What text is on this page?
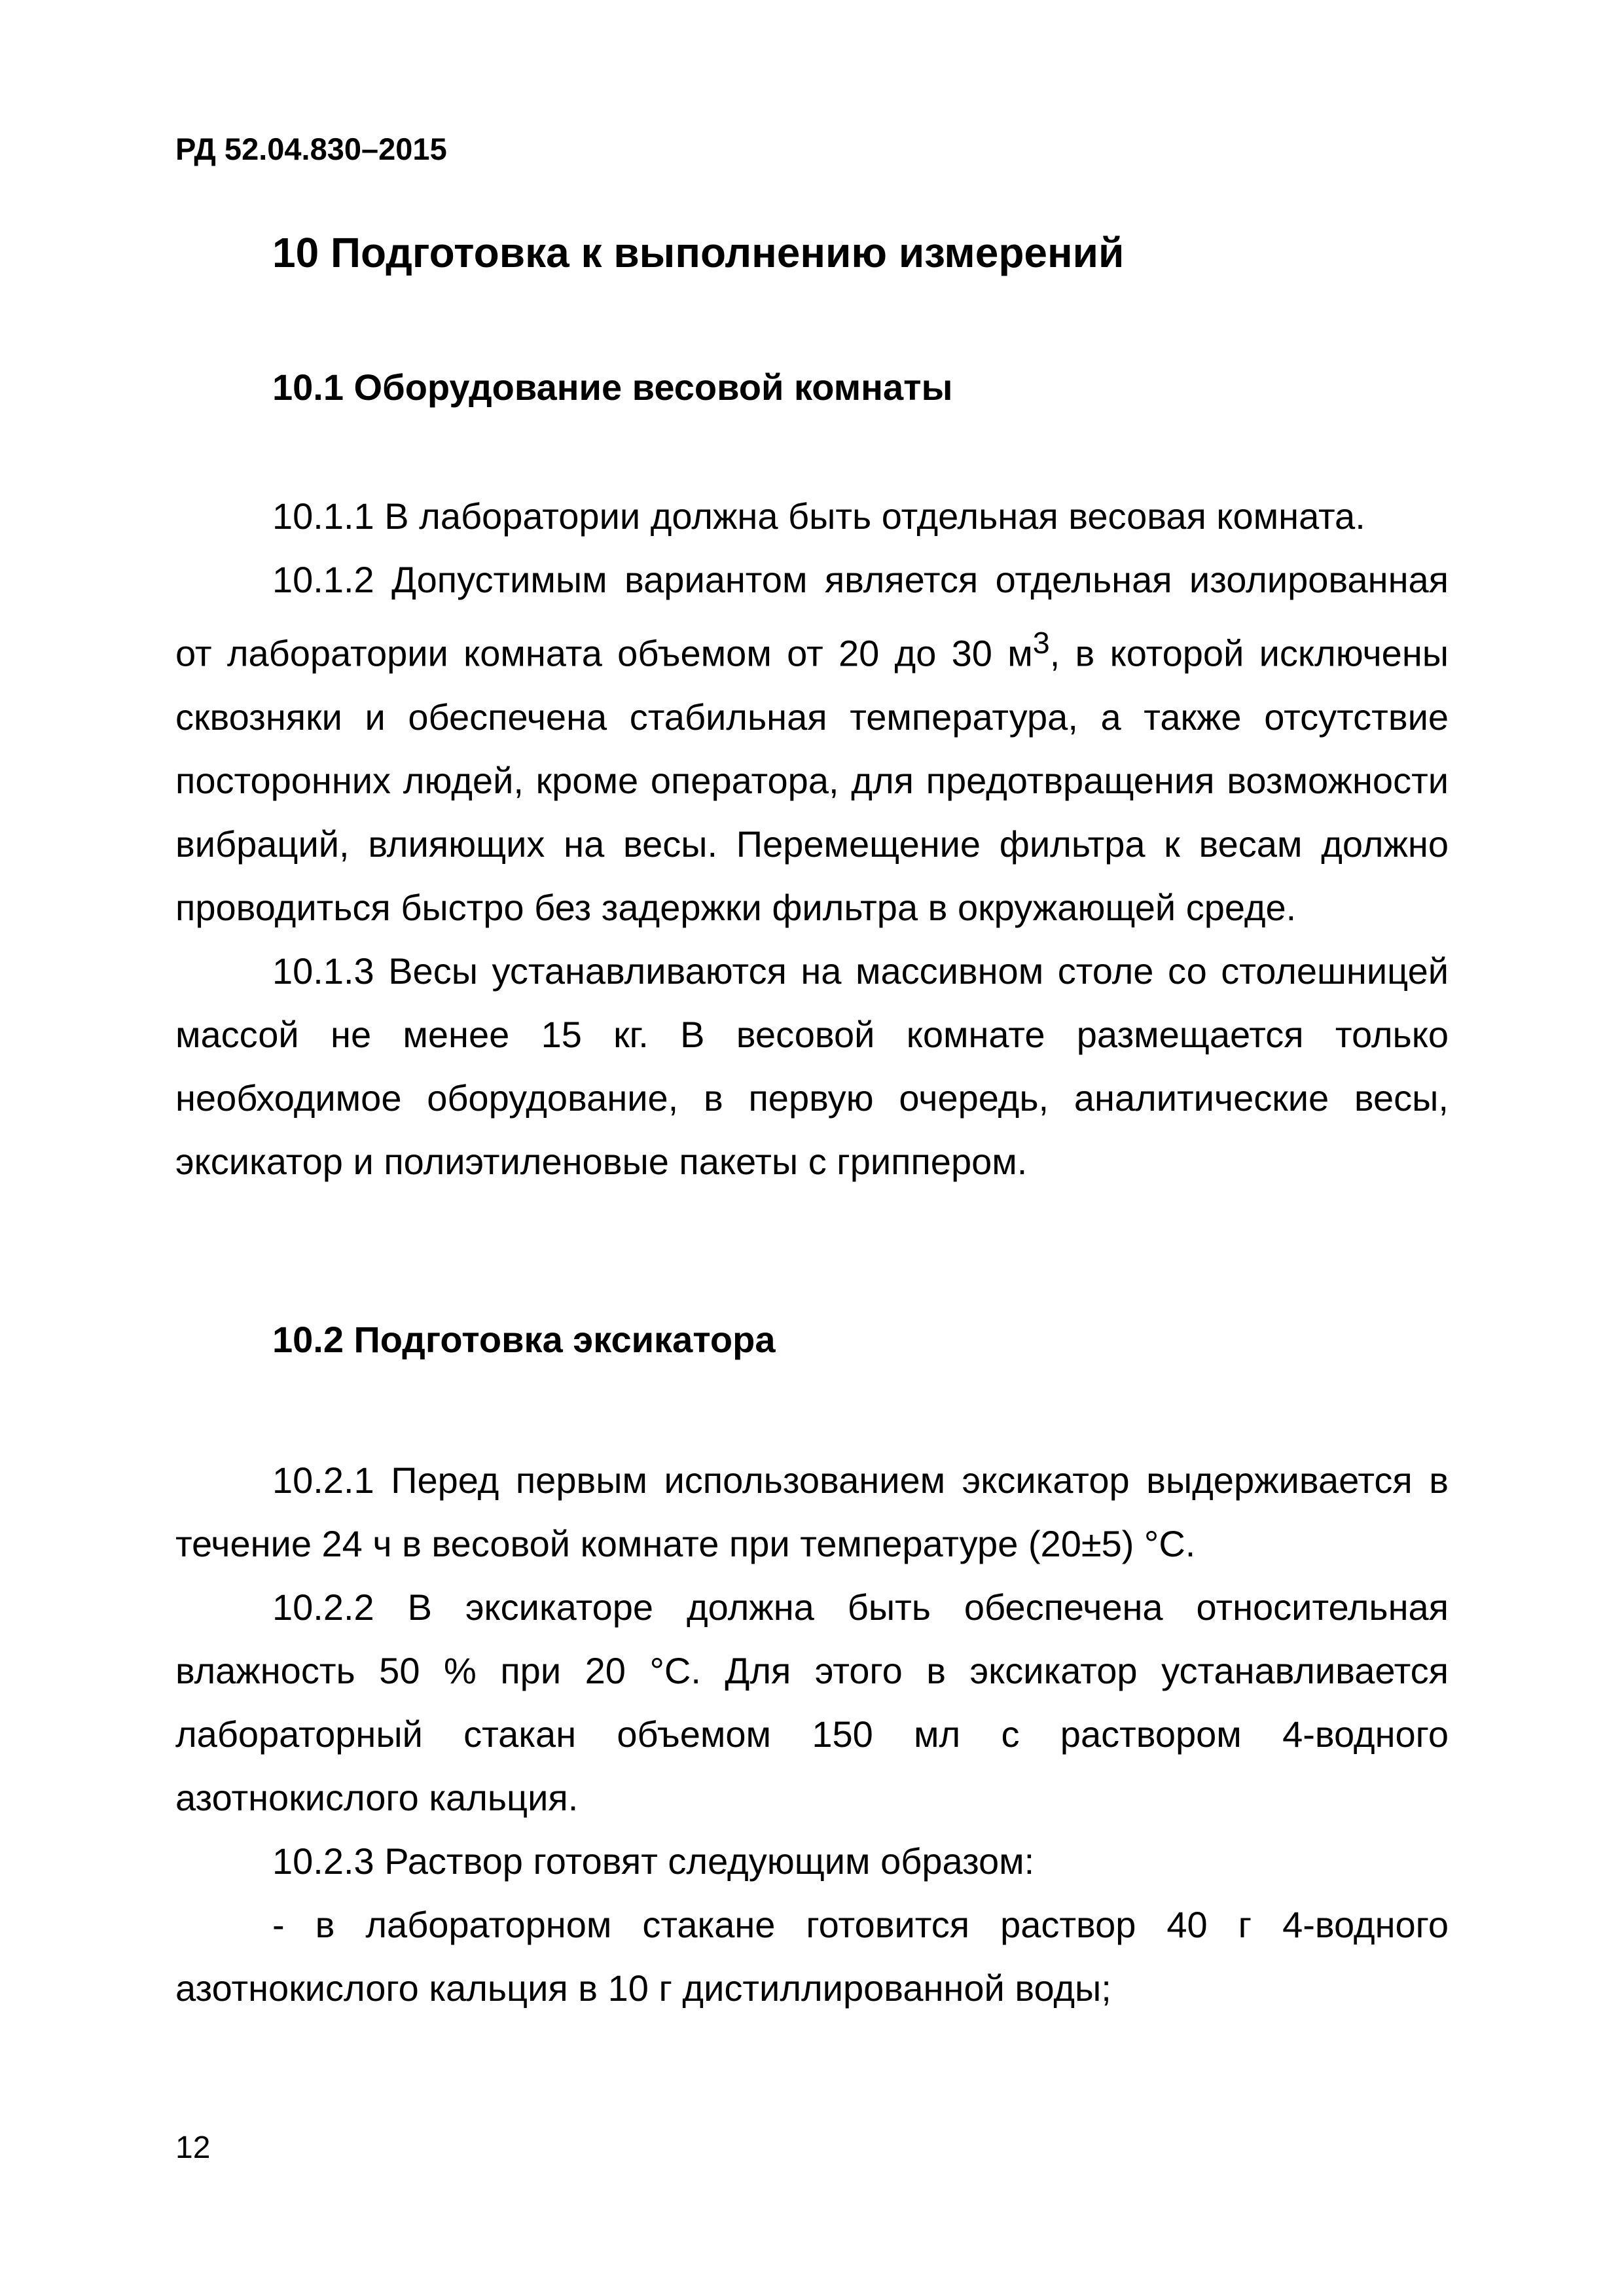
РД 52.04.830–2015
10 Подготовка к выполнению измерений
10.1 Оборудование весовой комнаты

10.1.1 В лаборатории должна быть отдельная весовая комната.

10.1.2 Допустимым вариантом является отдельная изолированная от лаборатории комната объемом от 20 до 30 $м^3$, в которой исключены сквозняки и обеспечена стабильная температура, а также отсутствие посторонних людей, кроме оператора, для предотвращения возможности вибраций, влияющих на весы. Перемещение фильтра к весам должно проводиться быстро без задержки фильтра в окружающей среде.

10.1.3 Весы устанавливаются на массивном столе со столешницей массой не менее 15 кг. В весовой комнате размещается только необходимое оборудование, в первую очередь, аналитические весы, эксикатор и полиэтиленовые пакеты с гриппером.

10.2 Подготовка эксикатора

10.2.1 Перед первым использованием эксикатор выдерживается в течение 24 ч в весовой комнате при температуре (20±5) °С.

10.2.2 В эксикаторе должна быть обеспечена относительная влажность 50 % при 20 °С. Для этого в эксикатор устанавливается лабораторный стакан объемом 150 мл с раствором 4-водного азотнокислого кальция.

10.2.3 Раствор готовят следующим образом:

- в лабораторном стакане готовится раствор 40 г 4-водного азотнокислого кальция в 10 г дистиллированной воды;

12
